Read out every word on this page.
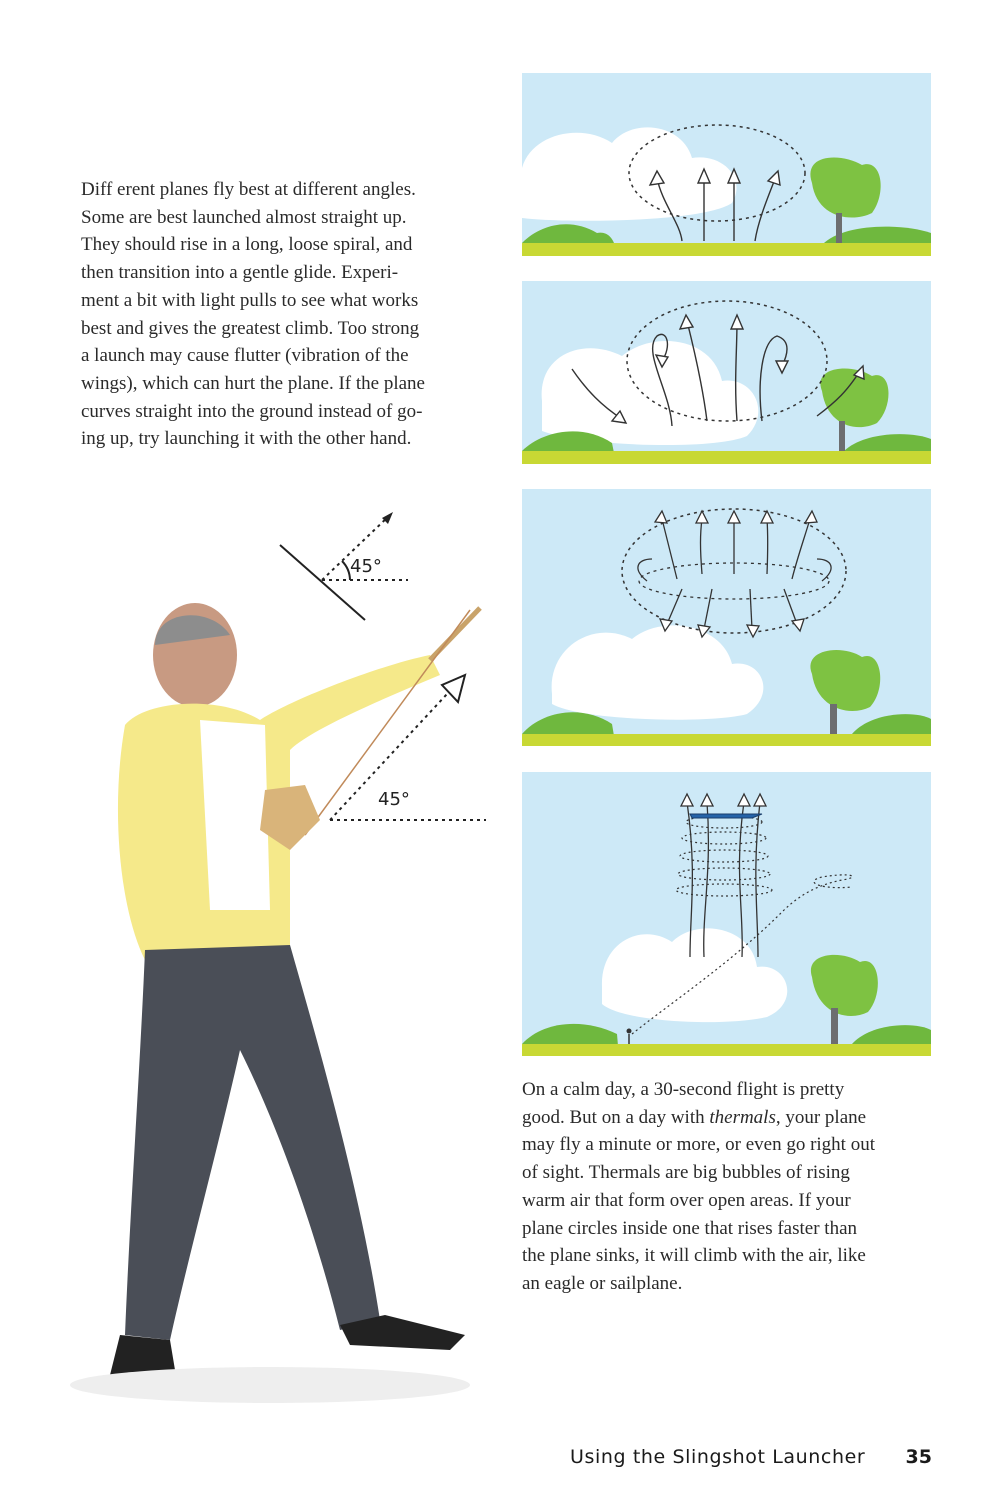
Diff erent planes fly best at different angles.
Some are best launched almost straight up.
They should rise in a long, loose spiral, and
then transition into a gentle glide. Experi-
ment a bit with light pulls to see what works
best and gives the greatest climb. Too strong
a launch may cause flutter (vibration of the
wings), which can hurt the plane. If the plane
curves straight into the ground instead of go-
ing up, try launching it with the other hand.
45°
45°
On a calm day, a 30-second flight is pretty
good. But on a day with thermals, your plane
may fly a minute or more, or even go right out
of sight. Thermals are big bubbles of rising
warm air that form over open areas. If your
plane circles inside one that rises faster than
the plane sinks, it will climb with the air, like
an eagle or sailplane.
Using the Slingshot Launcher 35
